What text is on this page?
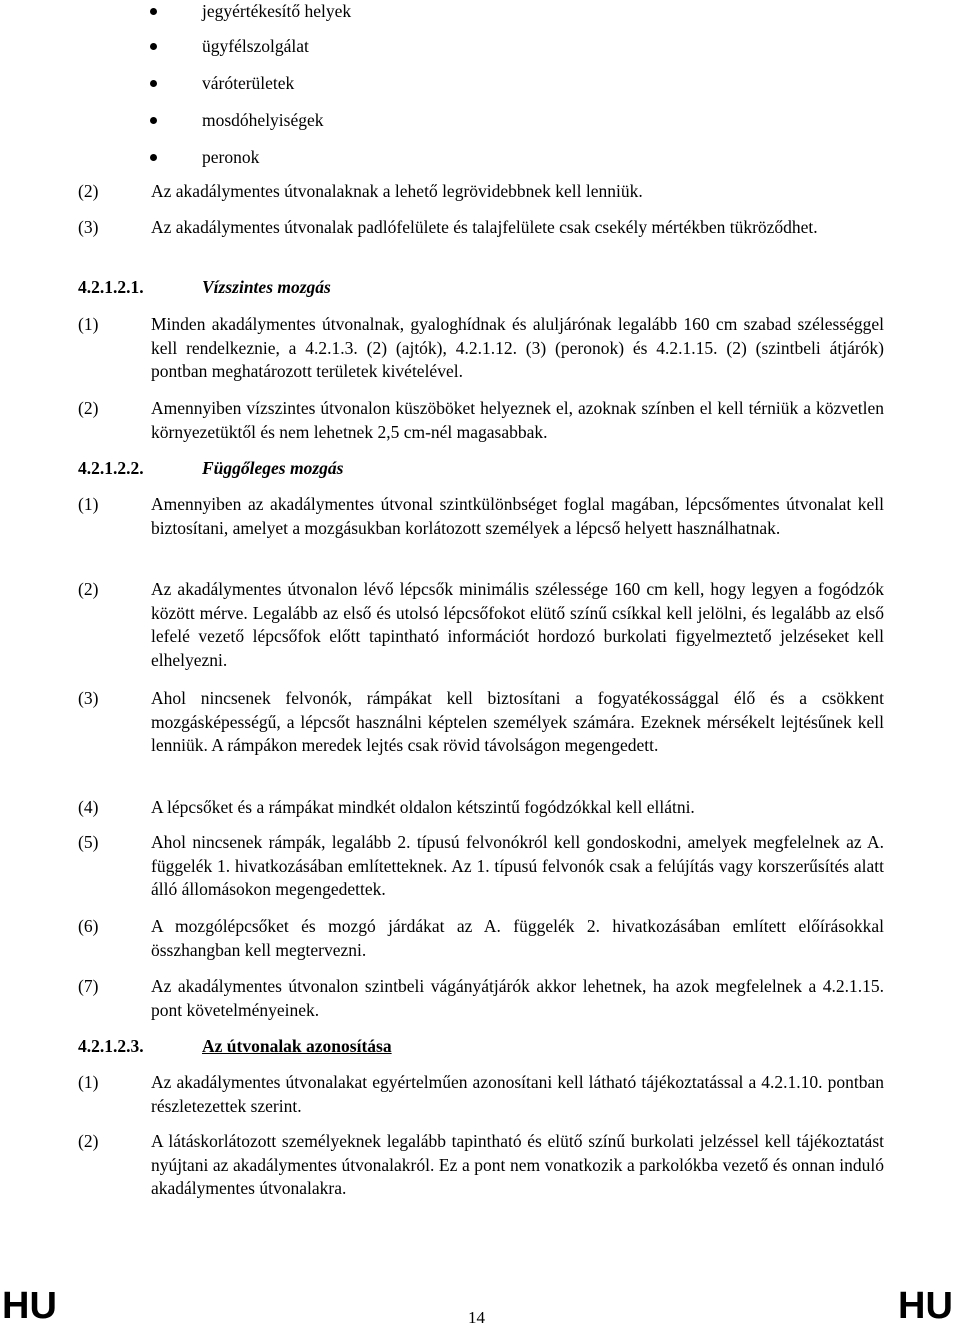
jegyértékesítő helyek
ügyfélszolgálat
váróterületek
mosdóhelyiségek
peronok
(2)	Az akadálymentes útvonalaknak a lehető legrövidebbnek kell lenniük.
(3)	Az akadálymentes útvonalak padlófelülete és talajfelülete csak csekély mértékben tükröződhet.
4.2.1.2.1.	Vízszintes mozgás
(1)	Minden akadálymentes útvonalnak, gyaloghídnak és aluljárónak legalább 160 cm szabad szélességgel kell rendelkeznie, a 4.2.1.3. (2) (ajtók), 4.2.1.12. (3) (peronok) és 4.2.1.15. (2) (szintbeli átjárók) pontban meghatározott területek kivételével.
(2)	Amennyiben vízszintes útvonalon küszöböket helyeznek el, azoknak színben el kell térniük a közvetlen környezetüktől és nem lehetnek 2,5 cm-nél magasabbak.
4.2.1.2.2.	Függőleges mozgás
(1)	Amennyiben az akadálymentes útvonal szintkülönbséget foglal magában, lépcsőmentes útvonalat kell biztosítani, amelyet a mozgásukban korlátozott személyek a lépcső helyett használhatnak.
(2)	Az akadálymentes útvonalon lévő lépcsők minimális szélessége 160 cm kell, hogy legyen a fogódzók között mérve. Legalább az első és utolsó lépcsőfokot elütő színű csíkkal kell jelölni, és legalább az első lefelé vezető lépcsőfok előtt tapintható információt hordozó burkolati figyelmeztető jelzéseket kell elhelyezni.
(3)	Ahol nincsenek felvonók, rámpákat kell biztosítani a fogyatékossággal élő és a csökkent mozgásképességű, a lépcsőt használni képtelen személyek számára. Ezeknek mérsékelt lejtésűnek kell lenniük. A rámpákon meredek lejtés csak rövid távolságon megengedett.
(4)	A lépcsőket és a rámpákat mindkét oldalon kétszintű fogódzókkal kell ellátni.
(5)	Ahol nincsenek rámpák, legalább 2. típusú felvonókról kell gondoskodni, amelyek megfelelnek az A. függelék 1. hivatkozásában említetteknek. Az 1. típusú felvonók csak a felújítás vagy korszerűsítés alatt álló állomásokon megengedettek.
(6)	A mozgólépcsőket és mozgó járdákat az A. függelék 2. hivatkozásában említett előírásokkal összhangban kell megtervezni.
(7)	Az akadálymentes útvonalon szintbeli vágányátjárók akkor lehetnek, ha azok megfelelnek a 4.2.1.15. pont követelményeinek.
4.2.1.2.3.	Az útvonalak azonosítása
(1)	Az akadálymentes útvonalakat egyértelműen azonosítani kell látható tájékoztatással a 4.2.1.10. pontban részletezettek szerint.
(2)	A látáskorlátozott személyeknek legalább tapintható és elütő színű burkolati jelzéssel kell tájékoztatást nyújtani az akadálymentes útvonalakról. Ez a pont nem vonatkozik a parkolókba vezető és onnan induló akadálymentes útvonalakra.
HU	14	HU
